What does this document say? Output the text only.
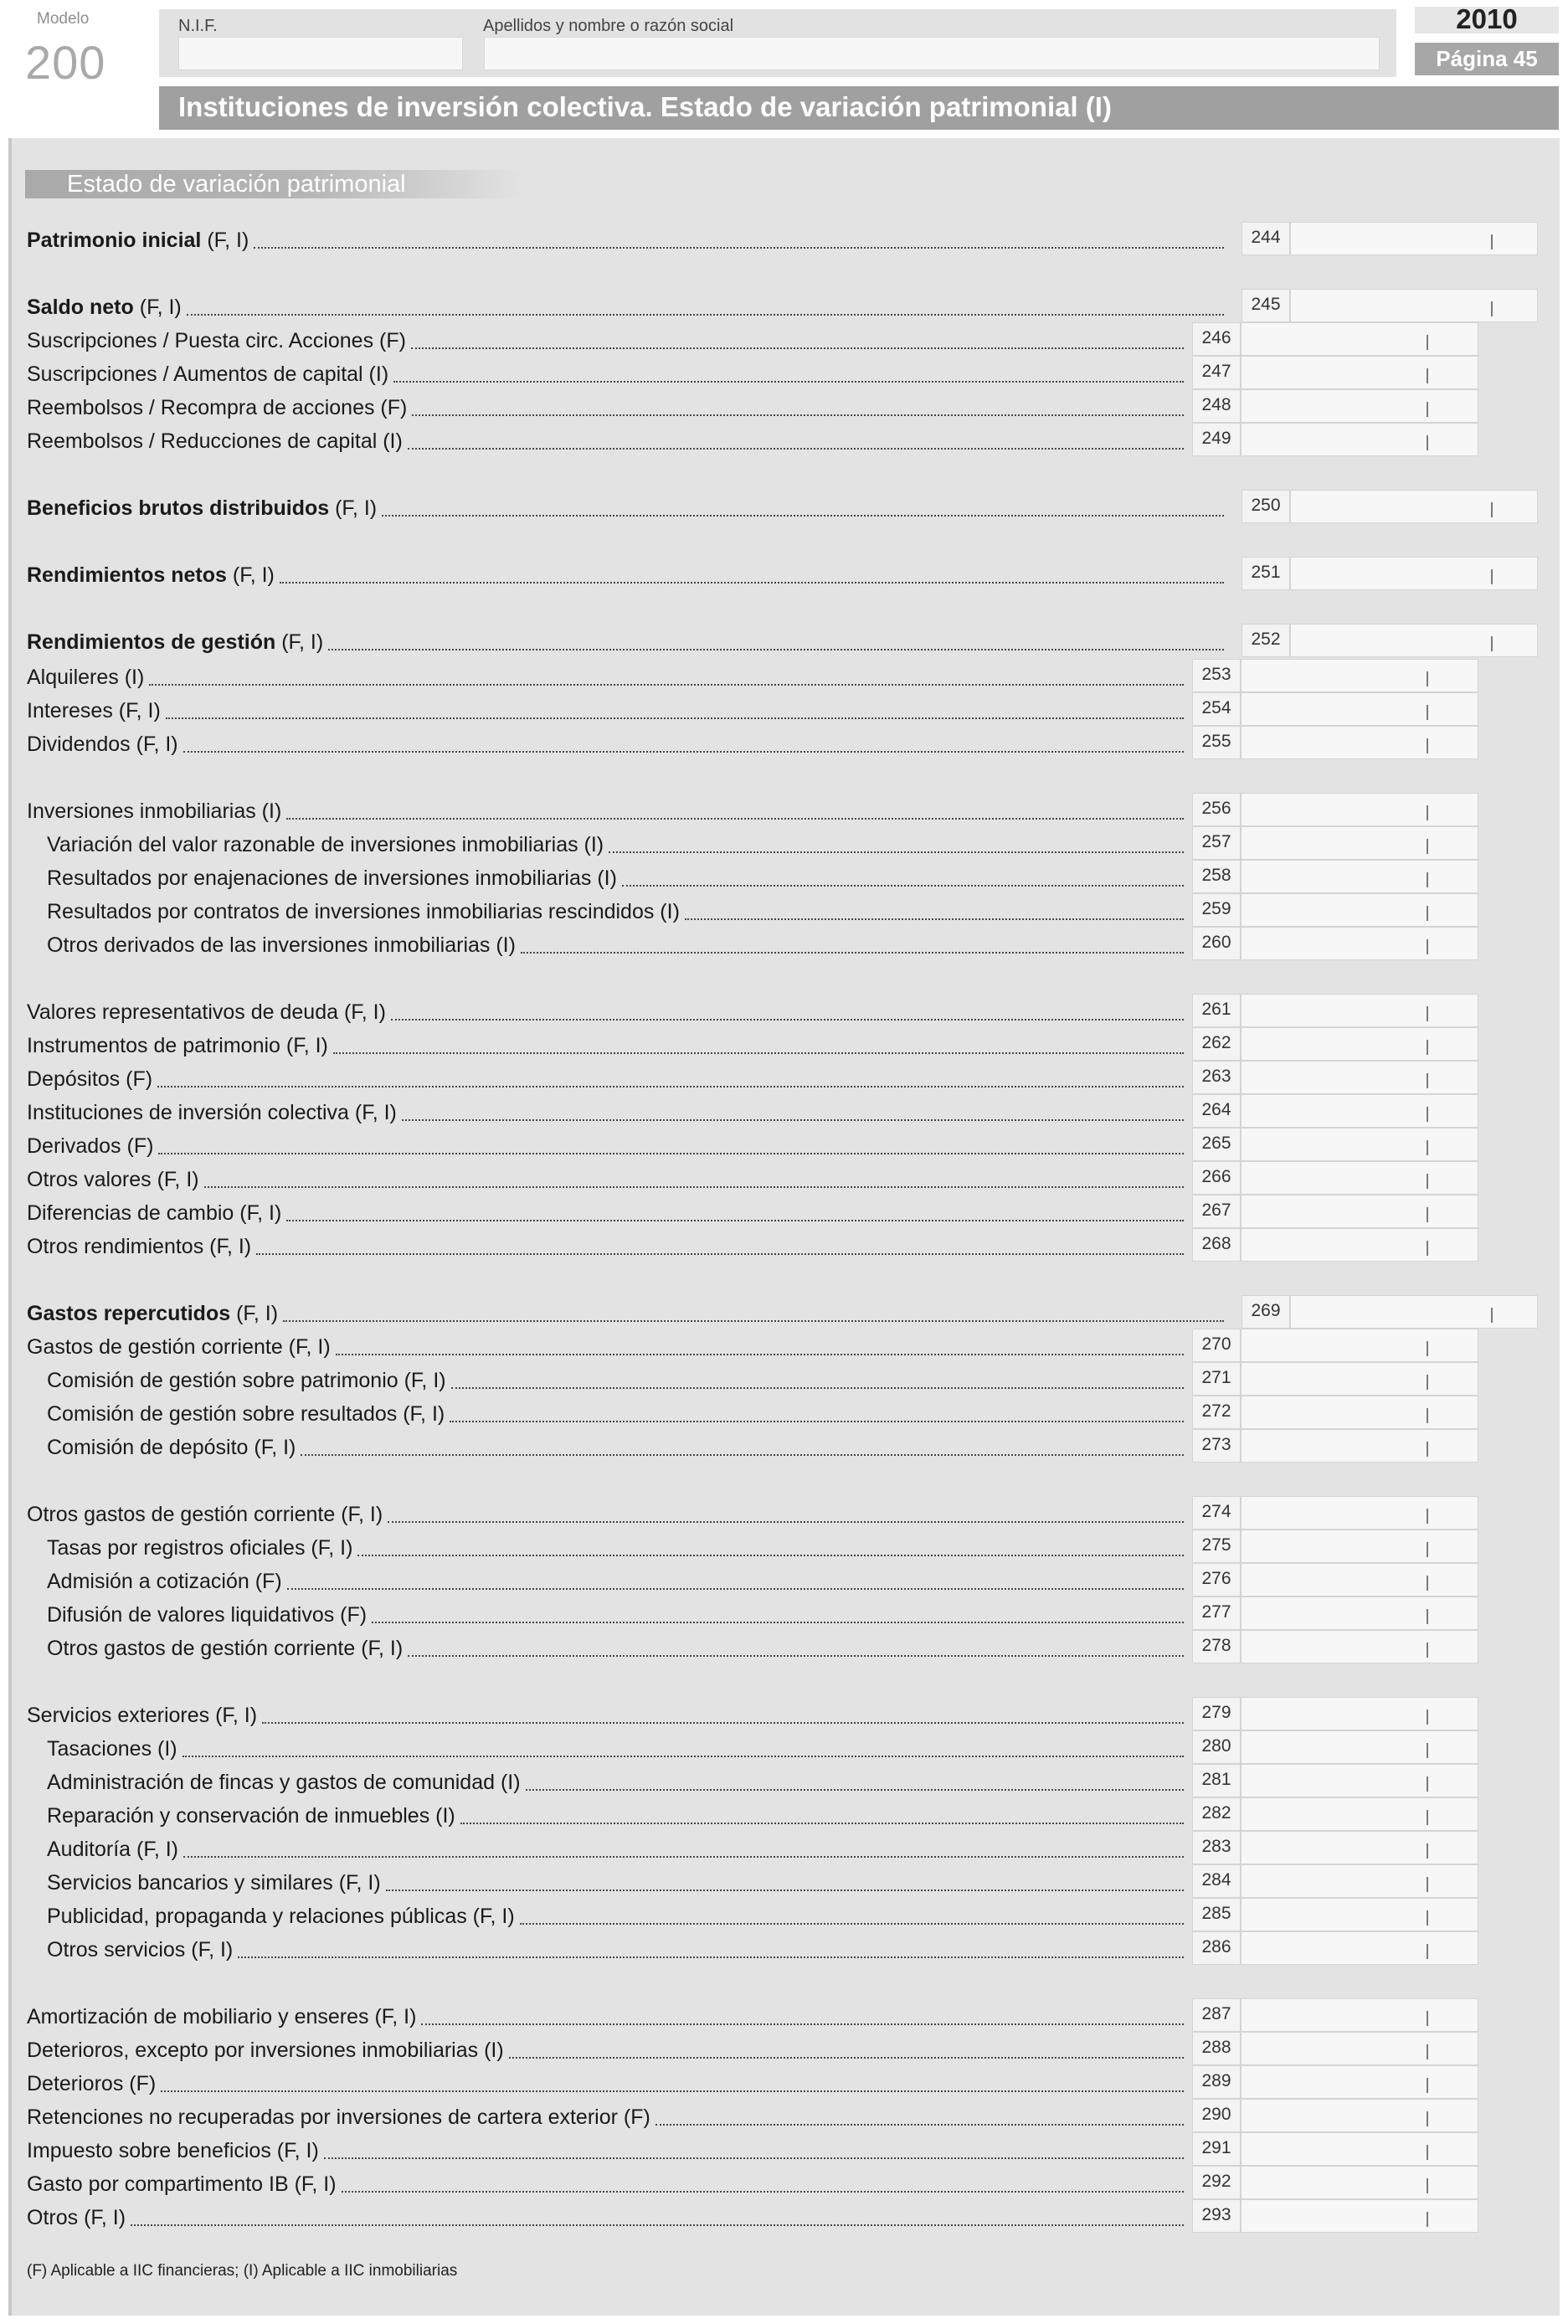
Modelo
200
N.I.F.	Apellidos y nombre o razón social	2010
Página 45
Instituciones de inversión colectiva. Estado de variación patrimonial (I)
Estado de variación patrimonial
Patrimonio inicial (F, I)	244
Saldo neto (F, I)	245
Suscripciones / Puesta circ. Acciones (F)	246
Suscripciones / Aumentos de capital (I)	247
Reembolsos / Recompra de acciones (F)	248
Reembolsos / Reducciones de capital (I)	249
Beneficios brutos distribuidos (F, I)	250
Rendimientos netos (F, I)	251
Rendimientos de gestión (F, I)	252
Alquileres (I)	253
Intereses (F, I)	254
Dividendos (F, I)	255
Inversiones inmobiliarias (I)	256
Variación del valor razonable de inversiones inmobiliarias (I)	257
Resultados por enajenaciones de inversiones inmobiliarias (I)	258
Resultados por contratos de inversiones inmobiliarias rescindidos (I)	259
Otros derivados de las inversiones inmobiliarias (I)	260
Valores representativos de deuda (F, I)	261
Instrumentos de patrimonio (F, I)	262
Depósitos (F)	263
Instituciones de inversión colectiva (F, I)	264
Derivados (F)	265
Otros valores (F, I)	266
Diferencias de cambio (F, I)	267
Otros rendimientos (F, I)	268
Gastos repercutidos (F, I)	269
Gastos de gestión corriente (F, I)	270
Comisión de gestión sobre patrimonio (F, I)	271
Comisión de gestión sobre resultados (F, I)	272
Comisión de depósito (F, I)	273
Otros gastos de gestión corriente (F, I)	274
Tasas por registros oficiales (F, I)	275
Admisión a cotización (F)	276
Difusión de valores liquidativos (F)	277
Otros gastos de gestión corriente (F, I)	278
Servicios exteriores (F, I)	279
Tasaciones (I)	280
Administración de fincas y gastos de comunidad (I)	281
Reparación y conservación de inmuebles (I)	282
Auditoría (F, I)	283
Servicios bancarios y similares (F, I)	284
Publicidad, propaganda y relaciones públicas (F, I)	285
Otros servicios (F, I)	286
Amortización de mobiliario y enseres (F, I)	287
Deterioros, excepto por inversiones inmobiliarias (I)	288
Deterioros (F)	289
Retenciones no recuperadas por inversiones de cartera exterior (F)	290
Impuesto sobre beneficios (F, I)	291
Gasto por compartimento IB (F, I)	292
Otros (F, I)	293
(F) Aplicable a IIC financieras; (I) Aplicable a IIC inmobiliarias
